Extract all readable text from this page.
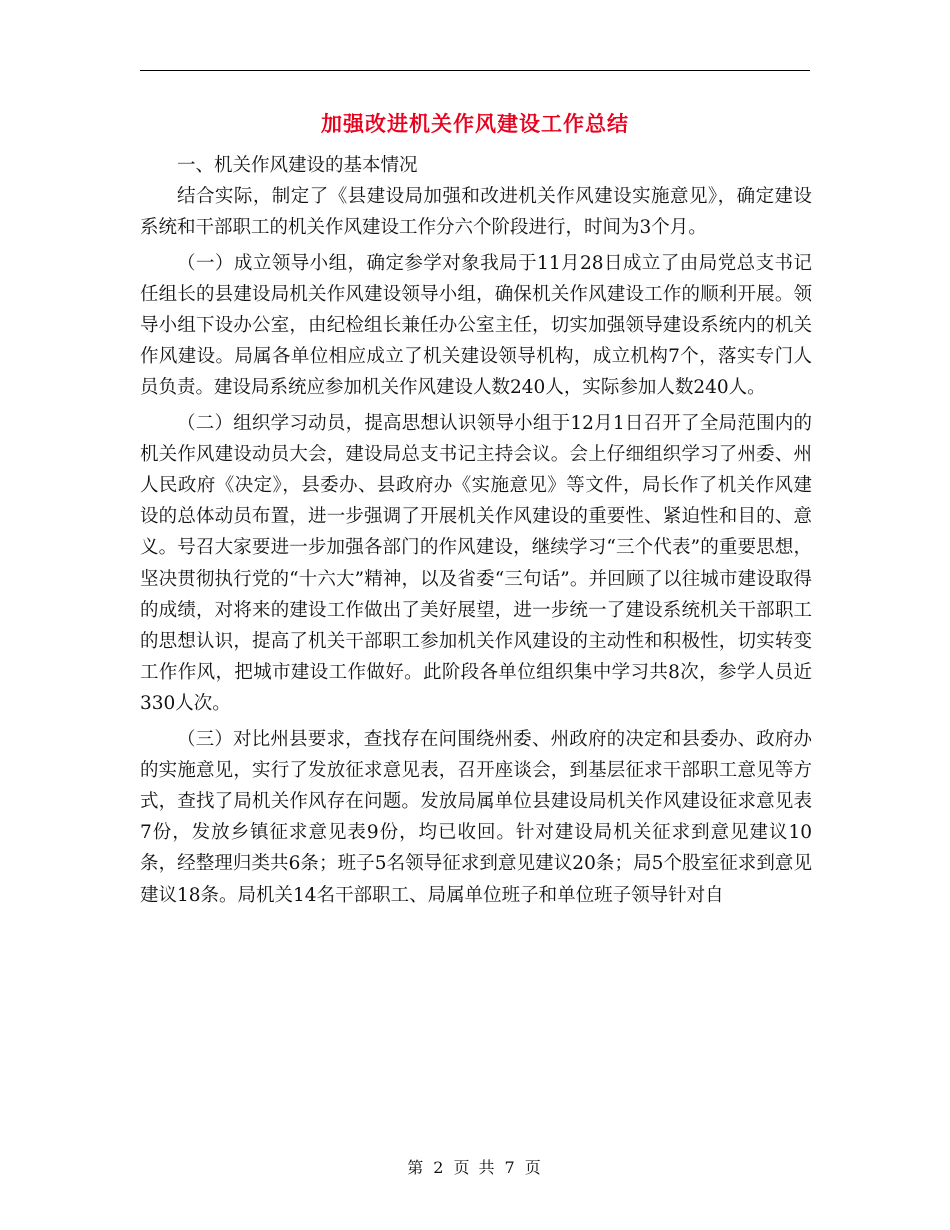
加强改进机关作风建设工作总结

一、机关作风建设的基本情况

结合实际，制定了《县建设局加强和改进机关作风建设实施意见》，确定建设系统和干部职工的机关作风建设工作分六个阶段进行，时间为3个月。

（一）成立领导小组，确定参学对象我局于11月28日成立了由局党总支书记任组长的县建设局机关作风建设领导小组，确保机关作风建设工作的顺利开展。领导小组下设办公室，由纪检组长兼任办公室主任，切实加强领导建设系统内的机关作风建设。局属各单位相应成立了机关建设领导机构，成立机构7个，落实专门人员负责。建设局系统应参加机关作风建设人数240人，实际参加人数240人。

（二）组织学习动员，提高思想认识领导小组于12月1日召开了全局范围内的机关作风建设动员大会，建设局总支书记主持会议。会上仔细组织学习了州委、州人民政府《决定》，县委办、县政府办《实施意见》等文件，局长作了机关作风建设的总体动员布置，进一步强调了开展机关作风建设的重要性、紧迫性和目的、意义。号召大家要进一步加强各部门的作风建设，继续学习“三个代表”的重要思想，坚决贯彻执行党的“十六大”精神，以及省委“三句话”。并回顾了以往城市建设取得的成绩，对将来的建设工作做出了美好展望，进一步统一了建设系统机关干部职工的思想认识，提高了机关干部职工参加机关作风建设的主动性和积极性，切实转变工作作风，把城市建设工作做好。此阶段各单位组织集中学习共8次，参学人员近330人次。

（三）对比州县要求，查找存在问围绕州委、州政府的决定和县委办、政府办的实施意见，实行了发放征求意见表，召开座谈会，到基层征求干部职工意见等方式，查找了局机关作风存在问题。发放局属单位县建设局机关作风建设征求意见表7份，发放乡镇征求意见表9份，均已收回。针对建设局机关征求到意见建议10条，经整理归类共6条；班子5名领导征求到意见建议20条；局5个股室征求到意见建议18条。局机关14名干部职工、局属单位班子和单位班子领导针对自

第 2 页 共 7 页
